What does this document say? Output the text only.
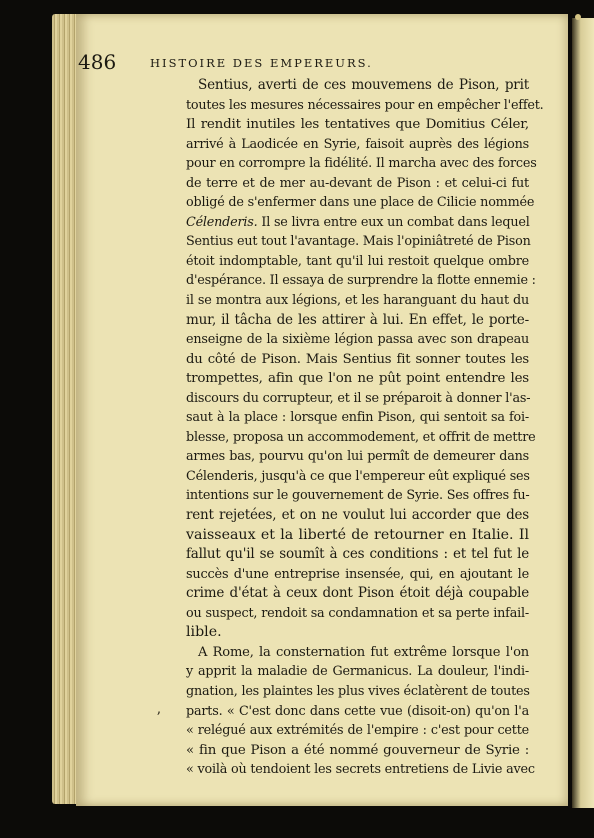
486	HISTOIRE DES EMPEREURS.
Sentius, averti de ces mouvemens de Pison, prit
toutes les mesures nécessaires pour en empêcher l'effet.
Il rendit inutiles les tentatives que Domitius Céler,
arrivé à Laodicée en Syrie, faisoit auprès des légions
pour en corrompre la fidélité. Il marcha avec des forces
de terre et de mer au-devant de Pison : et celui-ci fut
obligé de s'enfermer dans une place de Cilicie nommée
Célenderis. Il se livra entre eux un combat dans lequel
Sentius eut tout l'avantage. Mais l'opiniâtreté de Pison
étoit indomptable, tant qu'il lui restoit quelque ombre
d'espérance. Il essaya de surprendre la flotte ennemie :
il se montra aux légions, et les haranguant du haut du
mur, il tâcha de les attirer à lui. En effet, le porte-
enseigne de la sixième légion passa avec son drapeau
du côté de Pison. Mais Sentius fit sonner toutes les
trompettes, afin que l'on ne pût point entendre les
discours du corrupteur, et il se préparoit à donner l'as-
saut à la place : lorsque enfin Pison, qui sentoit sa foi-
blesse, proposa un accommodement, et offrit de mettre
armes bas, pourvu qu'on lui permît de demeurer dans
Célenderis, jusqu'à ce que l'empereur eût expliqué ses
intentions sur le gouvernement de Syrie. Ses offres fu-
rent rejetées, et on ne voulut lui accorder que des
vaisseaux et la liberté de retourner en Italie. Il
fallut qu'il se soumît à ces conditions : et tel fut le
succès d'une entreprise insensée, qui, en ajoutant le
crime d'état à ceux dont Pison étoit déjà coupable
ou suspect, rendoit sa condamnation et sa perte infail-
lible.
A Rome, la consternation fut extrême lorsque l'on
y apprit la maladie de Germanicus. La douleur, l'indi-
gnation, les plaintes les plus vives éclatèrent de toutes
parts. « C'est donc dans cette vue (disoit-on) qu'on l'a
« relégué aux extrémités de l'empire : c'est pour cette
« fin que Pison a été nommé gouverneur de Syrie :
« voilà où tendoient les secrets entretiens de Livie avec
ʼ
